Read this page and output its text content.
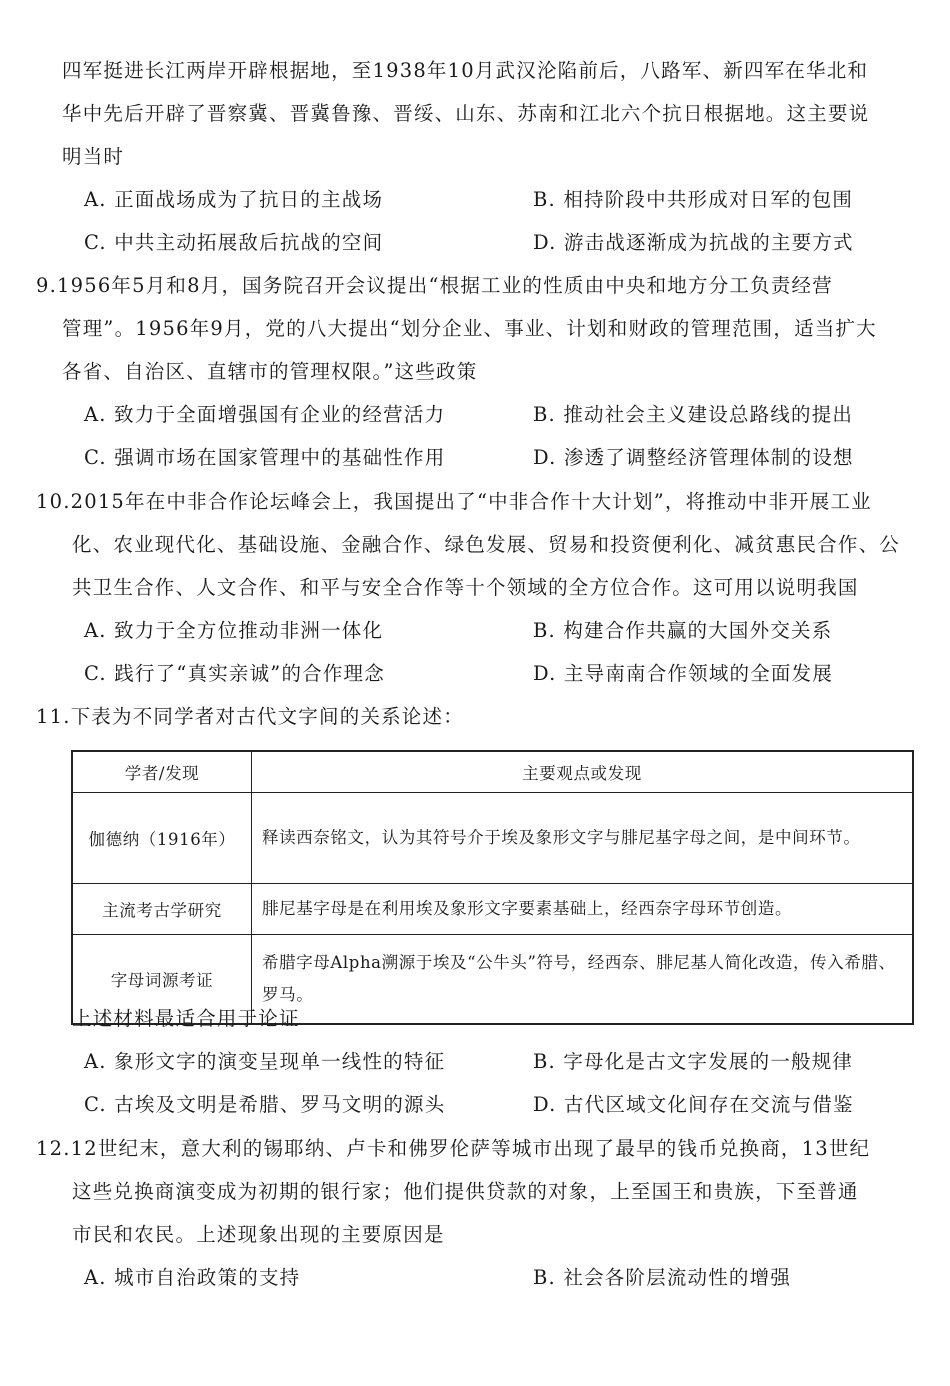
四军挺进长江两岸开辟根据地，至1938年10月武汉沦陷前后，八路军、新四军在华北和
华中先后开辟了晋察冀、晋冀鲁豫、晋绥、山东、苏南和江北六个抗日根据地。这主要说
明当时
A. 正面战场成为了抗日的主战场	B. 相持阶段中共形成对日军的包围
C. 中共主动拓展敌后抗战的空间	D. 游击战逐渐成为抗战的主要方式
9.1956年5月和8月，国务院召开会议提出“根据工业的性质由中央和地方分工负责经营
管理”。1956年9月，党的八大提出“划分企业、事业、计划和财政的管理范围，适当扩大
各省、自治区、直辖市的管理权限。”这些政策
A. 致力于全面增强国有企业的经营活力	B. 推动社会主义建设总路线的提出
C. 强调市场在国家管理中的基础性作用	D. 渗透了调整经济管理体制的设想
10.2015年在中非合作论坛峰会上，我国提出了“中非合作十大计划”，将推动中非开展工业
化、农业现代化、基础设施、金融合作、绿色发展、贸易和投资便利化、减贫惠民合作、公
共卫生合作、人文合作、和平与安全合作等十个领域的全方位合作。这可用以说明我国
A. 致力于全方位推动非洲一体化	B. 构建合作共赢的大国外交关系
C. 践行了“真实亲诚”的合作理念	D. 主导南南合作领域的全面发展
11.下表为不同学者对古代文字间的关系论述：
学者/发现	主要观点或发现
伽德纳（1916年）	释读西奈铭文，认为其符号介于埃及象形文字与腓尼基字母之间，是中间环节。
主流考古学研究	腓尼基字母是在利用埃及象形文字要素基础上，经西奈字母环节创造。
字母词源考证	希腊字母Alpha溯源于埃及“公牛头”符号，经西奈、腓尼基人简化改造，传入希腊、罗马。
上述材料最适合用于论证
A. 象形文字的演变呈现单一线性的特征	B. 字母化是古文字发展的一般规律
C. 古埃及文明是希腊、罗马文明的源头	D. 古代区域文化间存在交流与借鉴
12.12世纪末，意大利的锡耶纳、卢卡和佛罗伦萨等城市出现了最早的钱币兑换商，13世纪
这些兑换商演变成为初期的银行家；他们提供贷款的对象，上至国王和贵族，下至普通
市民和农民。上述现象出现的主要原因是
A. 城市自治政策的支持	B. 社会各阶层流动性的增强
